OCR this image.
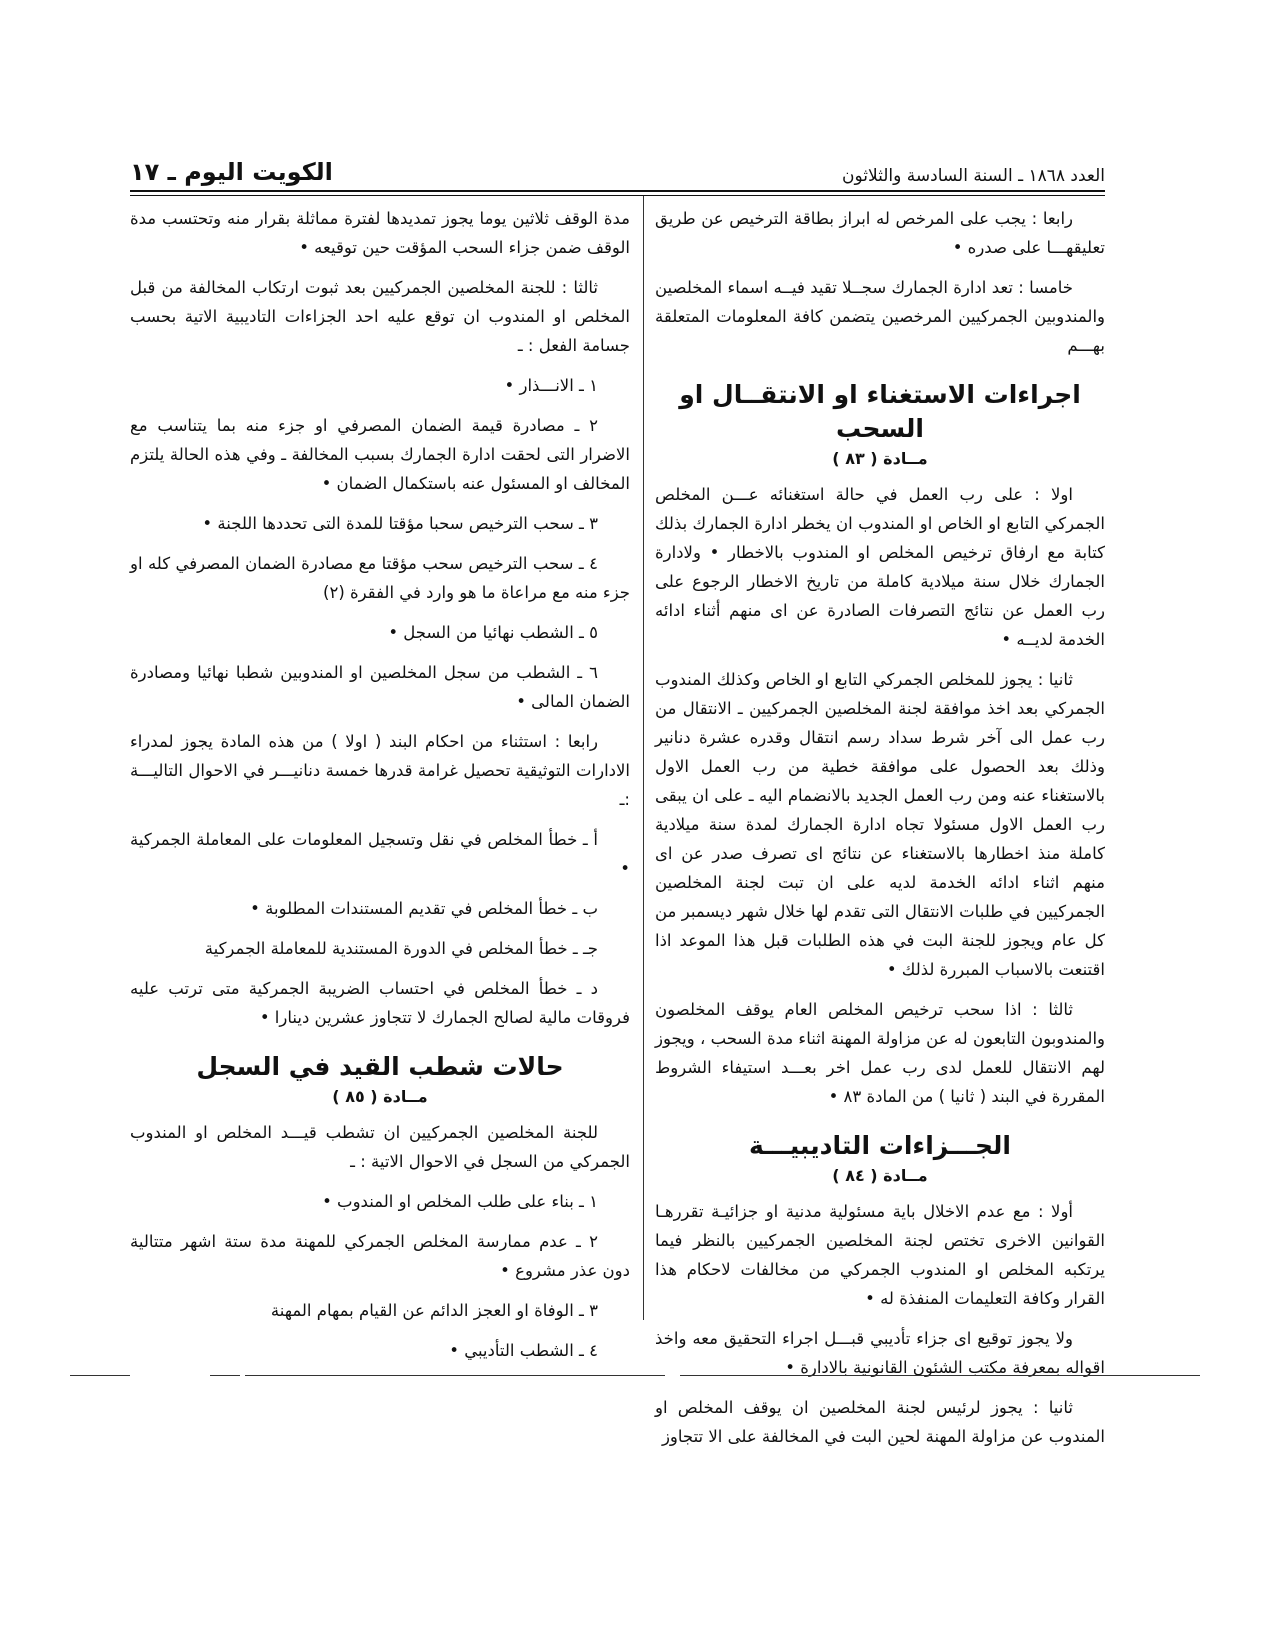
العدد ١٨٦٨ ـ السنة السادسة والثلاثون
الكويت اليوم ـ ١٧

رابعا : يجب على المرخص له ابراز بطاقة الترخيص عن طريق تعليقهـــا على صدره •

خامسا : تعد ادارة الجمارك سجــلا تقيد فيــه اسماء المخلصين والمندوبين الجمركيين المرخصين يتضمن كافة المعلومات المتعلقة بهـــم

اجراءات الاستغناء او الانتقــال او السحب
مــادة ( ٨٣ )

اولا : على رب العمل في حالة استغنائه عـــن المخلص الجمركي التابع او الخاص او المندوب ان يخطر ادارة الجمارك بذلك كتابة مع ارفاق ترخيص المخلص او المندوب بالاخطار • ولادارة الجمارك خلال سنة ميلادية كاملة من تاريخ الاخطار الرجوع على رب العمل عن نتائج التصرفات الصادرة عن اى منهم أثناء ادائه الخدمة لديــه •

ثانيا : يجوز للمخلص الجمركي التابع او الخاص وكذلك المندوب الجمركي بعد اخذ موافقة لجنة المخلصين الجمركيين ـ الانتقال من رب عمل الى آخر شرط سداد رسم انتقال وقدره عشرة دنانير وذلك بعد الحصول على موافقة خطية من رب العمل الاول بالاستغناء عنه ومن رب العمل الجديد بالانضمام اليه ـ على ان يبقى رب العمل الاول مسئولا تجاه ادارة الجمارك لمدة سنة ميلادية كاملة منذ اخطارها بالاستغناء عن نتائج اى تصرف صدر عن اى منهم اثناء ادائه الخدمة لديه على ان تبت لجنة المخلصين الجمركيين في طلبات الانتقال التى تقدم لها خلال شهر ديسمبر من كل عام ويجوز للجنة البت في هذه الطلبات قبل هذا الموعد اذا اقتنعت بالاسباب المبررة لذلك •

ثالثا : اذا سحب ترخيص المخلص العام يوقف المخلصون والمندوبون التابعون له عن مزاولة المهنة اثناء مدة السحب ، ويجوز لهم الانتقال للعمل لدى رب عمل اخر بعـــد استيفاء الشروط المقررة في البند ( ثانيا ) من المادة ٨٣ •

الجـــزاءات التاديبيـــة
مــادة ( ٨٤ )

أولا : مع عدم الاخلال باية مسئولية مدنية او جزائيـة تقررهـا القوانين الاخرى تختص لجنة المخلصين الجمركيين بالنظر فيما يرتكبه المخلص او المندوب الجمركي من مخالفات لاحكام هذا القرار وكافة التعليمات المنفذة له •

ولا يجوز توقيع اى جزاء تأديبي قبـــل اجراء التحقيق معه واخذ اقواله بمعرفة مكتب الشئون القانونية بالادارة •

ثانيا : يجوز لرئيس لجنة المخلصين ان يوقف المخلص او المندوب عن مزاولة المهنة لحين البت في المخالفة على الا تتجاوز

مدة الوقف ثلاثين يوما يجوز تمديدها لفترة مماثلة بقرار منه وتحتسب مدة الوقف ضمن جزاء السحب المؤقت حين توقيعه •

ثالثا : للجنة المخلصين الجمركيين بعد ثبوت ارتكاب المخالفة من قبل المخلص او المندوب ان توقع عليه احد الجزاءات التاديبية الاتية بحسب جسامة الفعل : ـ

١ ـ الانـــذار •

٢ ـ مصادرة قيمة الضمان المصرفي او جزء منه بما يتناسب مع الاضرار التى لحقت ادارة الجمارك بسبب المخالفة ـ وفي هذه الحالة يلتزم المخالف او المسئول عنه باستكمال الضمان •

٣ ـ سحب الترخيص سحبا مؤقتا للمدة التى تحددها اللجنة •

٤ ـ سحب الترخيص سحب مؤقتا مع مصادرة الضمان المصرفي كله او جزء منه مع مراعاة ما هو وارد في الفقرة (٢)

٥ ـ الشطب نهائيا من السجل •

٦ ـ الشطب من سجل المخلصين او المندوبين شطبا نهائيا ومصادرة الضمان المالى •

رابعا : استثناء من احكام البند ( اولا ) من هذه المادة يجوز لمدراء الادارات التوثيقية تحصيل غرامة قدرها خمسة دنانيـــر في الاحوال التاليـــة :ـ

أ ـ خطأ المخلص في نقل وتسجيل المعلومات على المعاملة الجمركية •

ب ـ خطأ المخلص في تقديم المستندات المطلوبة •

جـ ـ خطأ المخلص في الدورة المستندية للمعاملة الجمركية

د ـ خطأ المخلص في احتساب الضريبة الجمركية متى ترتب عليه فروقات مالية لصالح الجمارك لا تتجاوز عشرين دينارا •

حالات شطب القيد في السجل
مــادة ( ٨٥ )

للجنة المخلصين الجمركيين ان تشطب قيـــد المخلص او المندوب الجمركي من السجل في الاحوال الاتية : ـ

١ ـ بناء على طلب المخلص او المندوب •

٢ ـ عدم ممارسة المخلص الجمركي للمهنة مدة ستة اشهر متتالية دون عذر مشروع •

٣ ـ الوفاة او العجز الدائم عن القيام بمهام المهنة

٤ ـ الشطب التأديبي •
